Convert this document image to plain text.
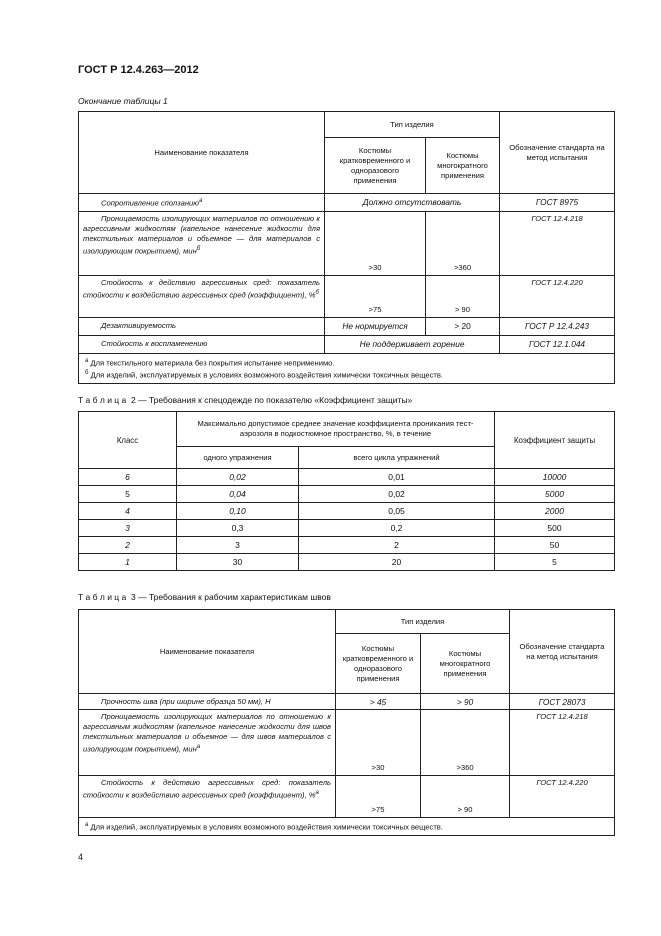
ГОСТ Р 12.4.263—2012
Окончание таблицы 1
Наименование показателя	Тип изделия		Обозначение стандарта на метод испытания
	Костюмы кратковременного и одноразового применения	Костюмы многократного применения	
Сопротивление сползанию$^а$	Должно отсутствовать		ГОСТ 8975
Проницаемость изолирующих материалов по отношению к агрессивным жидкостям (капельное нанесение жидкости для текстильных материалов и объемное — для материалов с изолирующим покрытием), мин$^б$	>30	>360	ГОСТ 12.4.218
Стойкость к действию агрессивных сред: показатель стойкости к воздействию агрессивных сред (коэффициент), %$^б$	>75	> 90	ГОСТ 12.4.220
Дезактивируемость	Не нормируется	> 20	ГОСТ Р 12.4.243
Стойкость к воспламенению	Не поддерживает горение		ГОСТ 12.1.044

$^а$ Для текстильного материала без покрытия испытание неприменимо.
$^б$ Для изделий, эксплуатируемых в условиях возможного воздействия химически токсичных веществ.			
Т а б л и ц а  2 — Требования к спецодежде по показателю «Коэффициент защиты»
Класс	Максимально допустимое среднее значение коэффициента проникания тест-аэрозоля в подкостюмное пространство, %, в течение		Коэффициент защиты
	одного упражнения	всего цикла упражнений	
6	0,02	0,01	10000
5	0,04	0,02	5000
4	0,10	0,05	2000
3	0,3	0,2	500
2	3	2	50
1	30	20	5
Т а б л и ц а  3 — Требования к рабочим характеристикам швов
Наименование показателя	Тип изделия		Обозначение стандарта на метод испытания
	Костюмы кратковременного и одноразового применения	Костюмы многократного применения	
Прочность шва (при ширине образца 50 мм), Н	> 45	> 90	ГОСТ 28073
Проницаемость изолирующих материалов по отношению к агрессивным жидкостям (капельное нанесение жидкости для швов текстильных материалов и объемное — для швов материалов с изолирующим покрытием), мин$^а$	>30	>360	ГОСТ 12.4.218
Стойкость к действию агрессивных сред: показатель стойкости к воздействию агрессивных сред (коэффициент), %$^а$	>75	> 90	ГОСТ 12.4.220

$^а$ Для изделий, эксплуатируемых в условиях возможного воздействия химически токсичных веществ.			
4
